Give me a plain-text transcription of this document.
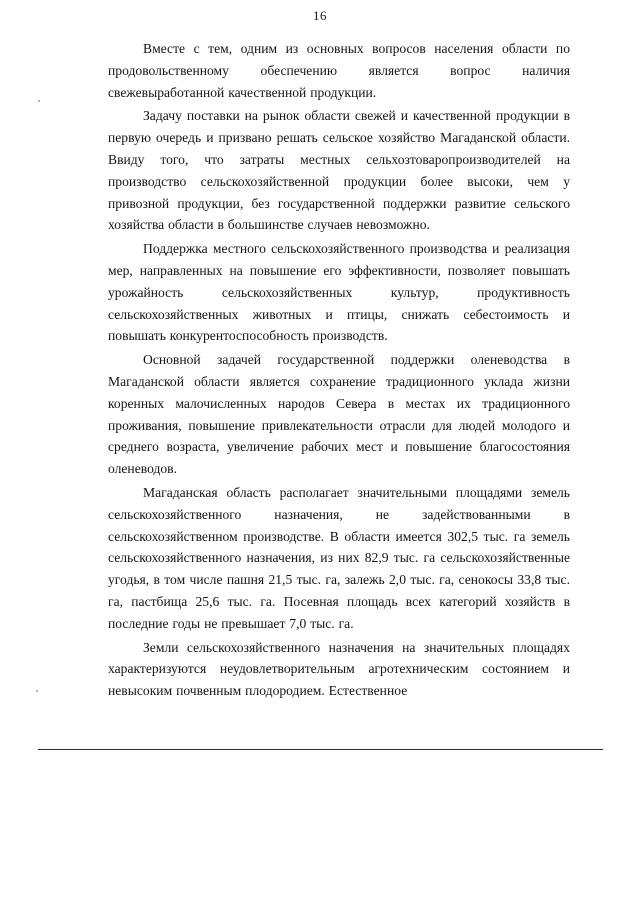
16

Вместе с тем, одним из основных вопросов населения области по продовольственному обеспечению является вопрос наличия свежевыработанной качественной продукции.

Задачу поставки на рынок области свежей и качественной продукции в первую очередь и призвано решать сельское хозяйство Магаданской области. Ввиду того, что затраты местных сельхозтоваропроизводителей на производство сельскохозяйственной продукции более высоки, чем у привозной продукции, без государственной поддержки развитие сельского хозяйства области в большинстве случаев невозможно.

Поддержка местного сельскохозяйственного производства и реализация мер, направленных на повышение его эффективности, позволяет повышать урожайность сельскохозяйственных культур, продуктивность сельскохозяйственных животных и птицы, снижать себестоимость и повышать конкурентоспособность производств.

Основной задачей государственной поддержки оленеводства в Магаданской области является сохранение традиционного уклада жизни коренных малочисленных народов Севера в местах их традиционного проживания, повышение привлекательности отрасли для людей молодого и среднего возраста, увеличение рабочих мест и повышение благосостояния оленеводов.

Магаданская область располагает значительными площадями земель сельскохозяйственного назначения, не задействованными в сельскохозяйственном производстве. В области имеется 302,5 тыс. га земель сельскохозяйственного назначения, из них 82,9 тыс. га сельскохозяйственные угодья, в том числе пашня 21,5 тыс. га, залежь 2,0 тыс. га, сенокосы 33,8 тыс. га, пастбища 25,6 тыс. га. Посевная площадь всех категорий хозяйств в последние годы не превышает 7,0 тыс. га.

Земли сельскохозяйственного назначения на значительных площадях характеризуются неудовлетворительным агротехническим состоянием и невысоким почвенным плодородием. Естественное
